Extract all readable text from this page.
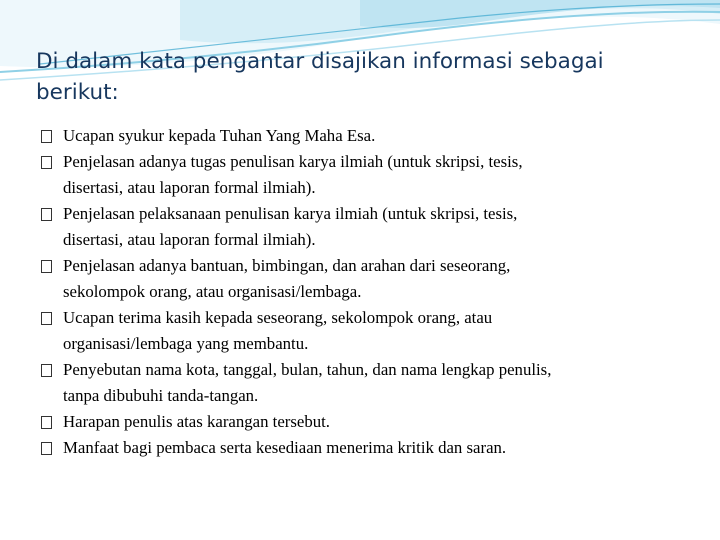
Di dalam kata pengantar disajikan informasi sebagai
berikut:
Ucapan syukur kepada Tuhan Yang Maha Esa.
Penjelasan adanya tugas penulisan karya ilmiah (untuk skripsi, tesis,
disertasi, atau laporan formal ilmiah).
Penjelasan pelaksanaan penulisan karya ilmiah (untuk skripsi, tesis,
disertasi, atau laporan formal ilmiah).
Penjelasan adanya bantuan, bimbingan, dan arahan dari seseorang,
sekolompok orang, atau organisasi/lembaga.
Ucapan terima kasih kepada seseorang, sekolompok orang, atau
organisasi/lembaga yang membantu.
Penyebutan nama kota, tanggal, bulan, tahun, dan nama lengkap penulis,
tanpa dibubuhi tanda-tangan.
Harapan penulis atas karangan tersebut.
Manfaat bagi pembaca serta kesediaan menerima kritik dan saran.
